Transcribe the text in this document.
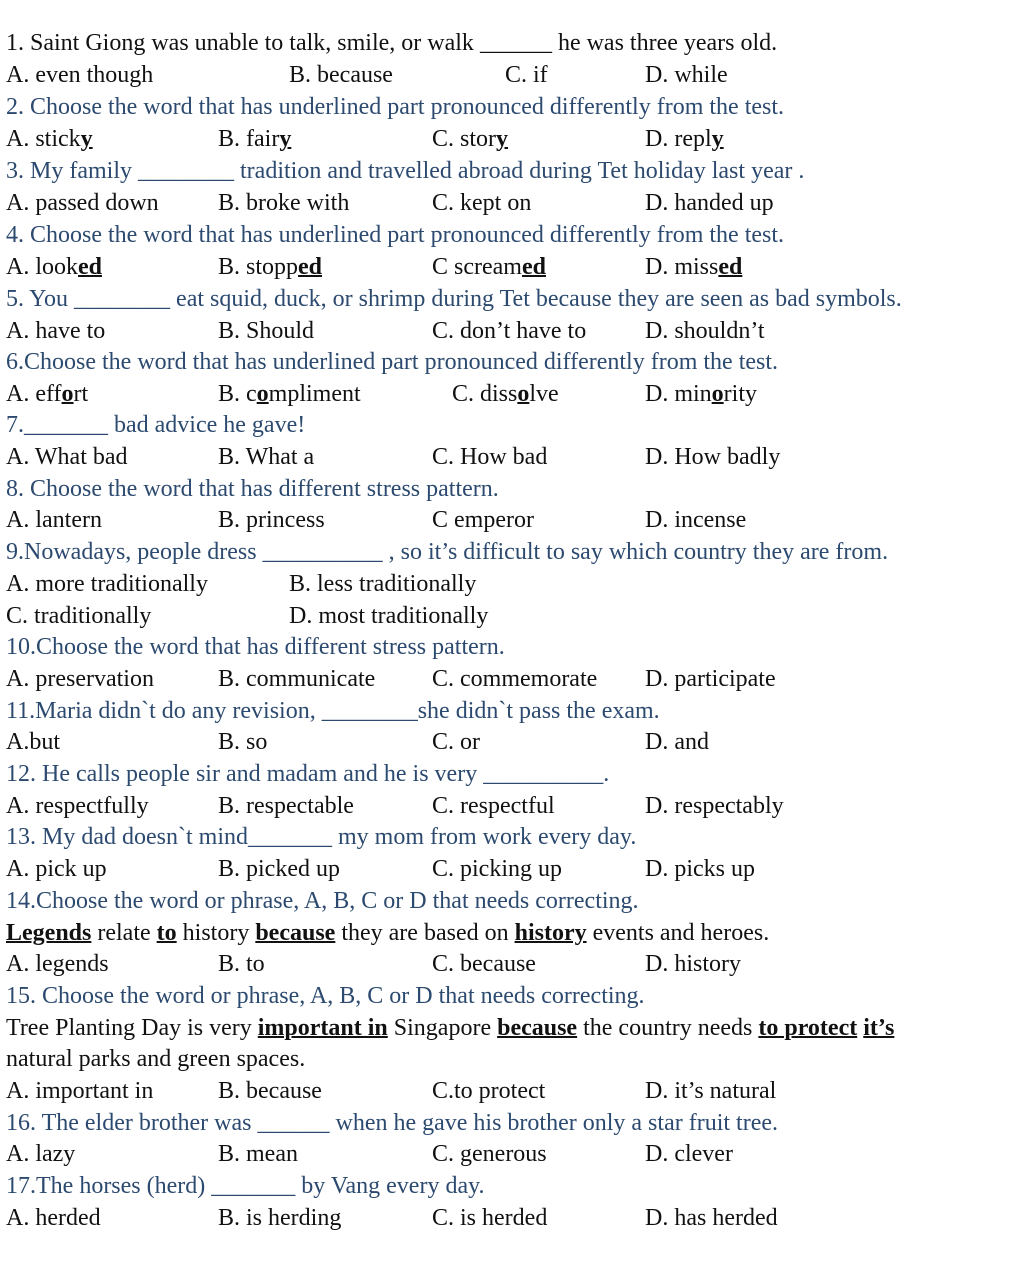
1. Saint Giong was unable to talk, smile, or walk ______ he was three years old.
A. even though	B. because	C. if	D. while
2. Choose the word that has underlined part pronounced differently from the test.
A. sticky	B. fairy	C. story	D. reply
3. My family ________ tradition and travelled abroad during Tet holiday last year .
A. passed down B. broke with	C. kept on	D. handed up
4. Choose the word that has underlined part pronounced differently from the test.
A. looked	B. stopped	C screamed	D. missed
5. You ________ eat squid, duck, or shrimp during Tet because they are seen as bad symbols.
A. have to	B. Should	C. don’t have to D. shouldn’t
6.Choose the word that has underlined part pronounced differently from the test.
A. effort	B. compliment	C. dissolve	D. minority
7._______ bad advice he gave!
A. What bad	B. What a	C. How bad	D. How badly
8. Choose the word that has different stress pattern.
A. lantern	B. princess	C emperor	D. incense
9.Nowadays, people dress __________ , so it’s difficult to say which country they are from.
A. more traditionally	B. less traditionally
C. traditionally	D. most traditionally
10.Choose the word that has different stress pattern.
A. preservation	B. communicate C. commemorate D. participate
11.Maria didn`t do any revision, ________she didn`t pass the exam.
A.but	B. so	C. or	D. and
12. He calls people sir and madam and he is very __________.
A. respectfully	B. respectable	C. respectful	D. respectably
13. My dad doesn`t mind_______ my mom from work every day.
A. pick up	B. picked up	C. picking up	D. picks up
14.Choose the word or phrase, A, B, C or D that needs correcting.
Legends relate to history because they are based on history events and heroes.
A. legends	B. to	C. because	D. history
15. Choose the word or phrase, A, B, C or D that needs correcting.
Tree Planting Day is very important in Singapore because the country needs to protect it’s
natural parks and green spaces.
A. important in	B. because	C.to protect	D. it’s natural
16. The elder brother was ______ when he gave his brother only a star fruit tree.
A. lazy	B. mean	C. generous	D. clever
17.The horses (herd) _______ by Vang every day.
A. herded	B. is herding	C. is herded	D. has herded
